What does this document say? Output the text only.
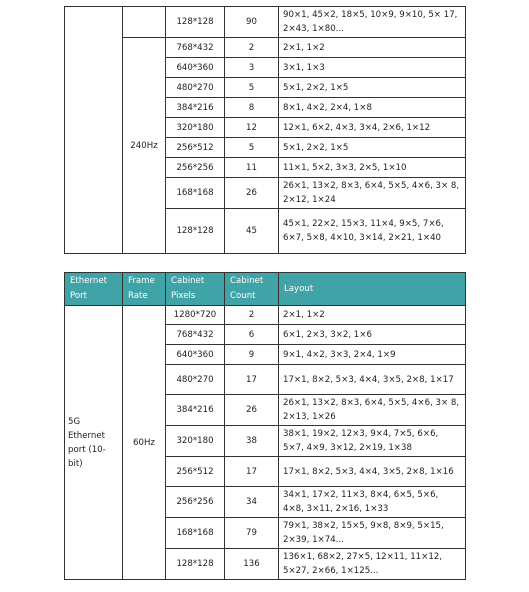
		128*128	90	90×1, 45×2, 18×5, 10×9, 9×10, 5× 17, 2×43, 1×80...
	240Hz	768*432	2	2×1, 1×2
		640*360	3	3×1, 1×3
		480*270	5	5×1, 2×2, 1×5
		384*216	8	8×1, 4×2, 2×4, 1×8
		320*180	12	12×1, 6×2, 4×3, 3×4, 2×6, 1×12
		256*512	5	5×1, 2×2, 1×5
		256*256	11	11×1, 5×2, 3×3, 2×5, 1×10
		168*168	26	26×1, 13×2, 8×3, 6×4, 5×5, 4×6, 3× 8, 2×12, 1×24
		128*128	45	45×1, 22×2, 15×3, 11×4, 9×5, 7×6, 6×7, 5×8, 4×10, 3×14, 2×21, 1×40
Ethernet Port	Frame Rate	Cabinet Pixels	Cabinet Count	Layout
5G Ethernet port (10-bit)	60Hz	1280*720	2	2×1, 1×2
		768*432	6	6×1, 2×3, 3×2, 1×6
		640*360	9	9×1, 4×2, 3×3, 2×4, 1×9
		480*270	17	17×1, 8×2, 5×3, 4×4, 3×5, 2×8, 1×17
		384*216	26	26×1, 13×2, 8×3, 6×4, 5×5, 4×6, 3× 8, 2×13, 1×26
		320*180	38	38×1, 19×2, 12×3, 9×4, 7×5, 6×6, 5×7, 4×9, 3×12, 2×19, 1×38
		256*512	17	17×1, 8×2, 5×3, 4×4, 3×5, 2×8, 1×16
		256*256	34	34×1, 17×2, 11×3, 8×4, 6×5, 5×6, 4×8, 3×11, 2×16, 1×33
		168*168	79	79×1, 38×2, 15×5, 9×8, 8×9, 5×15, 2×39, 1×74...
		128*128	136	136×1, 68×2, 27×5, 12×11, 11×12, 5×27, 2×66, 1×125...
